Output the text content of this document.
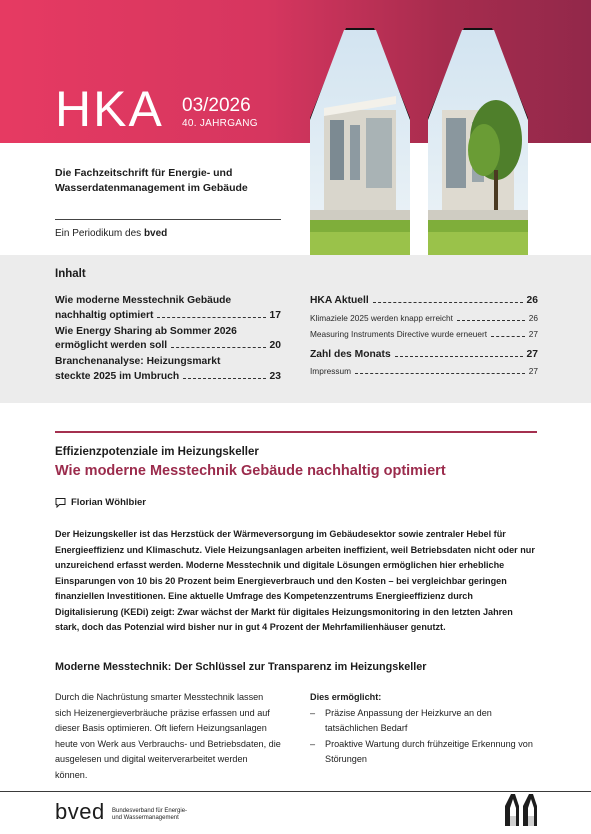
HKA 03/2026
40. JAHRGANG
Die Fachzeitschrift für Energie- und Wasserdatenmanagement im Gebäude
Ein Periodikum des bved
Inhalt
Wie moderne Messtechnik Gebäude
nachhaltig optimiert	17
Wie Energy Sharing ab Sommer 2026
ermöglicht werden soll	20
Branchenanalyse: Heizungsmarkt
steckte 2025 im Umbruch	23
HKA Aktuell	26
Klimaziele 2025 werden knapp erreicht	26
Measuring Instruments Directive wurde erneuert	27
Zahl des Monats	27
Impressum	27
Effizienzpotenziale im Heizungskeller
Wie moderne Messtechnik Gebäude nachhaltig optimiert
Florian Wöhlbier
Der Heizungskeller ist das Herzstück der Wärmeversorgung im Gebäudesektor sowie zentraler Hebel für Energieeffizienz und Klimaschutz. Viele Heizungsanlagen arbeiten ineffizient, weil Betriebsdaten nicht oder nur unzureichend erfasst werden. Moderne Messtechnik und digitale Lösungen ermöglichen hier erhebliche Einsparungen von 10 bis 20 Prozent beim Energieverbrauch und den Kosten – bei vergleichbar geringen finanziellen Investitionen. Eine aktuelle Umfrage des Kompetenzzentrums Energieeffizienz durch Digitalisierung (KEDi) zeigt: Zwar wächst der Markt für digitales Heizungsmonitoring in den letzten Jahren stark, doch das Potenzial wird bisher nur in gut 4 Prozent der Mehrfamilienhäuser genutzt.
Moderne Messtechnik: Der Schlüssel zur Transparenz im Heizungskeller
Durch die Nachrüstung smarter Messtechnik lassen sich Heizenergieverbräuche präzise erfassen und auf dieser Basis optimieren. Oft liefern Heizungsanlagen heute von Werk aus Verbrauchs- und Betriebsdaten, die ausgelesen und digital weiterverarbeitet werden können.
Dies ermöglicht:
–	Präzise Anpassung der Heizkurve an den tatsächlichen Bedarf
–	Proaktive Wartung durch frühzeitige Erkennung von Störungen
bved Bundesverband für Energie-
und Wassermanagement
